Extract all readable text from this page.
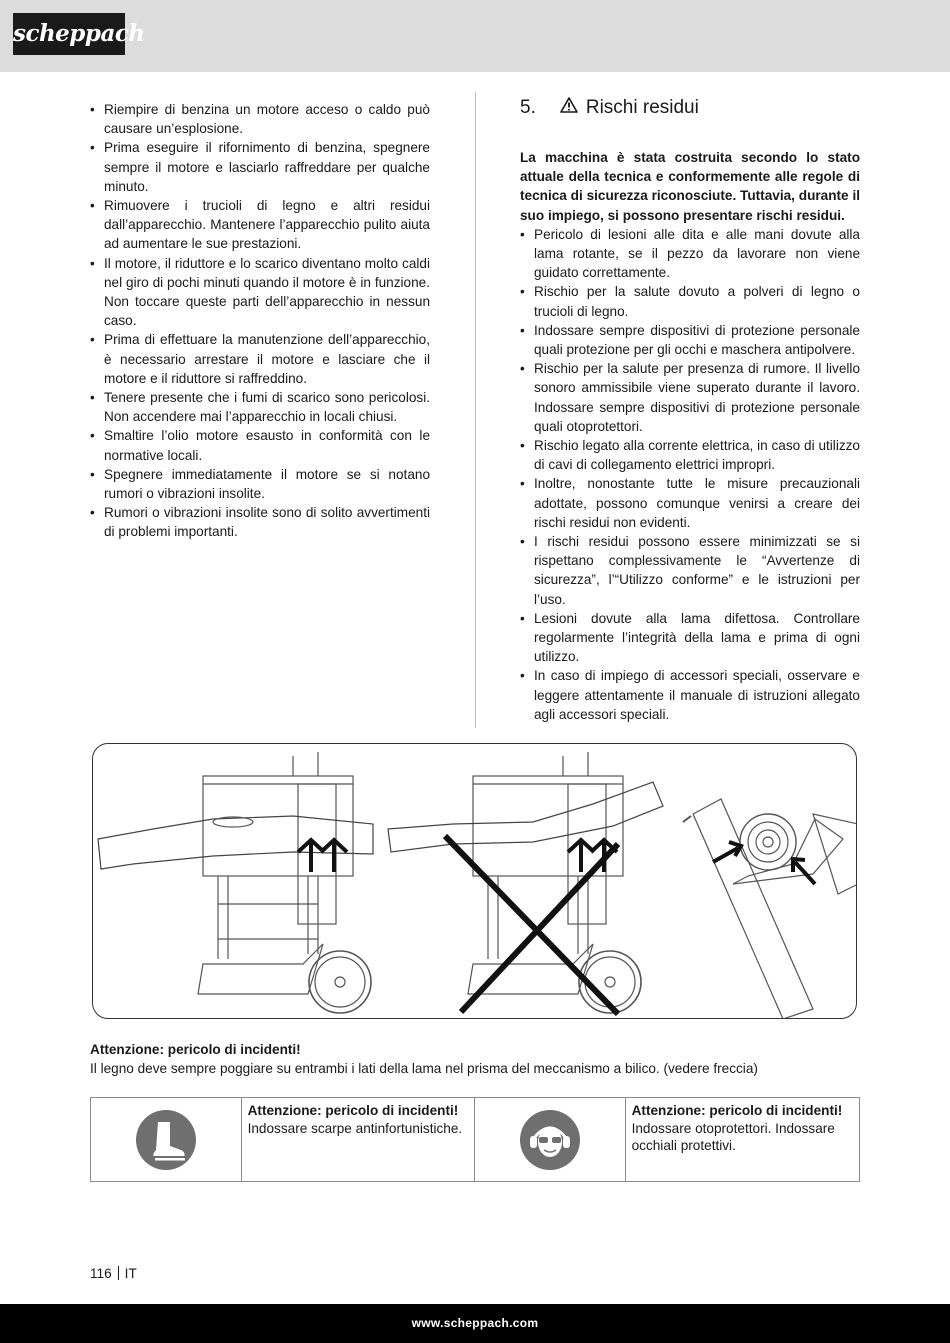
scheppach
• Riempire di benzina un motore acceso o caldo può causare un’esplosione.
• Prima eseguire il rifornimento di benzina, spegnere sempre il motore e lasciarlo raffreddare per qualche minuto.
• Rimuovere i trucioli di legno e altri residui dall’apparecchio. Mantenere l’apparecchio pulito aiuta ad aumentare le sue prestazioni.
• Il motore, il riduttore e lo scarico diventano molto caldi nel giro di pochi minuti quando il motore è in funzione. Non toccare queste parti dell’apparecchio in nessun caso.
• Prima di effettuare la manutenzione dell’apparecchio, è necessario arrestare il motore e lasciare che il motore e il riduttore si raffreddino.
• Tenere presente che i fumi di scarico sono pericolosi. Non accendere mai l’apparecchio in locali chiusi.
• Smaltire l’olio motore esausto in conformità con le normative locali.
• Spegnere immediatamente il motore se si notano rumori o vibrazioni insolite.
• Rumori o vibrazioni insolite sono di solito avvertimenti di problemi importanti.
5.	Rischi residui
La macchina è stata costruita secondo lo stato attuale della tecnica e conformemente alle regole di tecnica di sicurezza riconosciute. Tuttavia, durante il suo impiego, si possono presentare rischi residui.
• Pericolo di lesioni alle dita e alle mani dovute alla lama rotante, se il pezzo da lavorare non viene guidato correttamente.
• Rischio per la salute dovuto a polveri di legno o trucioli di legno.
• Indossare sempre dispositivi di protezione personale quali protezione per gli occhi e maschera antipolvere.
• Rischio per la salute per presenza di rumore. Il livello sonoro ammissibile viene superato durante il lavoro. Indossare sempre dispositivi di protezione personale quali otoprotettori.
• Rischio legato alla corrente elettrica, in caso di utilizzo di cavi di collegamento elettrici impropri.
• Inoltre, nonostante tutte le misure precauzionali adottate, possono comunque venirsi a creare dei rischi residui non evidenti.
• I rischi residui possono essere minimizzati se si rispettano complessivamente le “Avvertenze di sicurezza”, l’“Utilizzo conforme” e le istruzioni per l’uso.
• Lesioni dovute alla lama difettosa. Controllare regolarmente l’integrità della lama e prima di ogni utilizzo.
• In caso di impiego di accessori speciali, osservare e leggere attentamente il manuale di istruzioni allegato agli accessori speciali.
Attenzione: pericolo di incidenti!
Il legno deve sempre poggiare su entrambi i lati della lama nel prisma del meccanismo a bilico. (vedere freccia)
Attenzione: pericolo di incidenti!
Indossare scarpe antinfortunistiche.
Attenzione: pericolo di incidenti!
Indossare otoprotettori. Indossare occhiali protettivi.
116 IT
www.scheppach.com
